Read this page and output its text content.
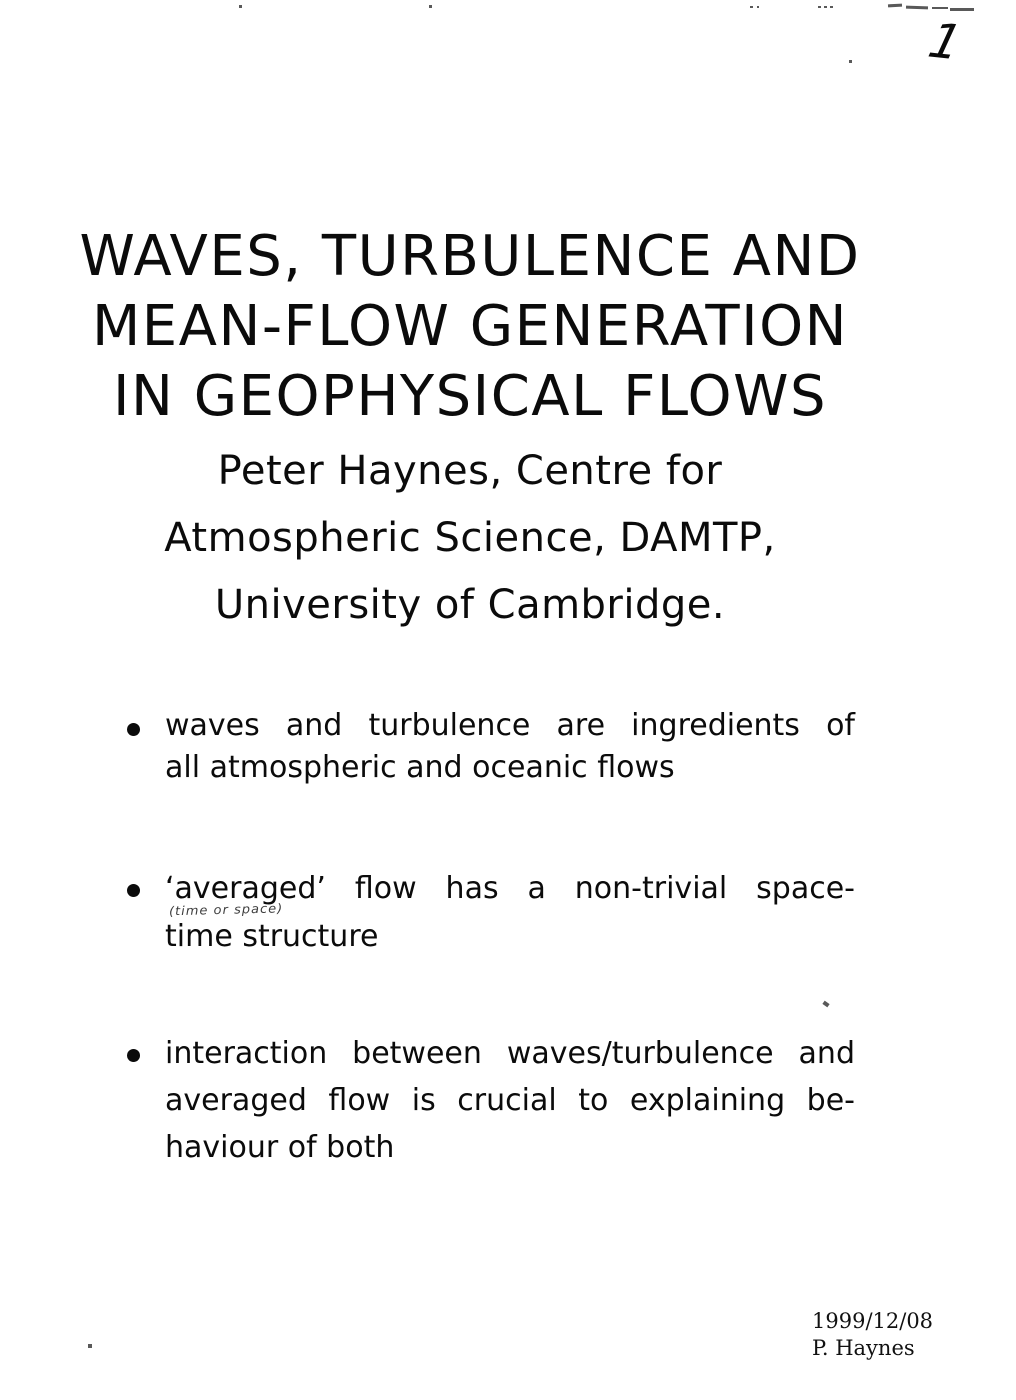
1
WAVES, TURBULENCE AND
MEAN-FLOW GENERATION
IN GEOPHYSICAL FLOWS
Peter Haynes, Centre for
Atmospheric Science, DAMTP,
University of Cambridge.
waves and turbulence are ingredients of
all atmospheric and oceanic flows
‘averaged’ flow has a non-trivial space-
time structure
(time or space)
interaction between waves/turbulence and
averaged flow is crucial to explaining be-
haviour of both
1999/12/08
P. Haynes
